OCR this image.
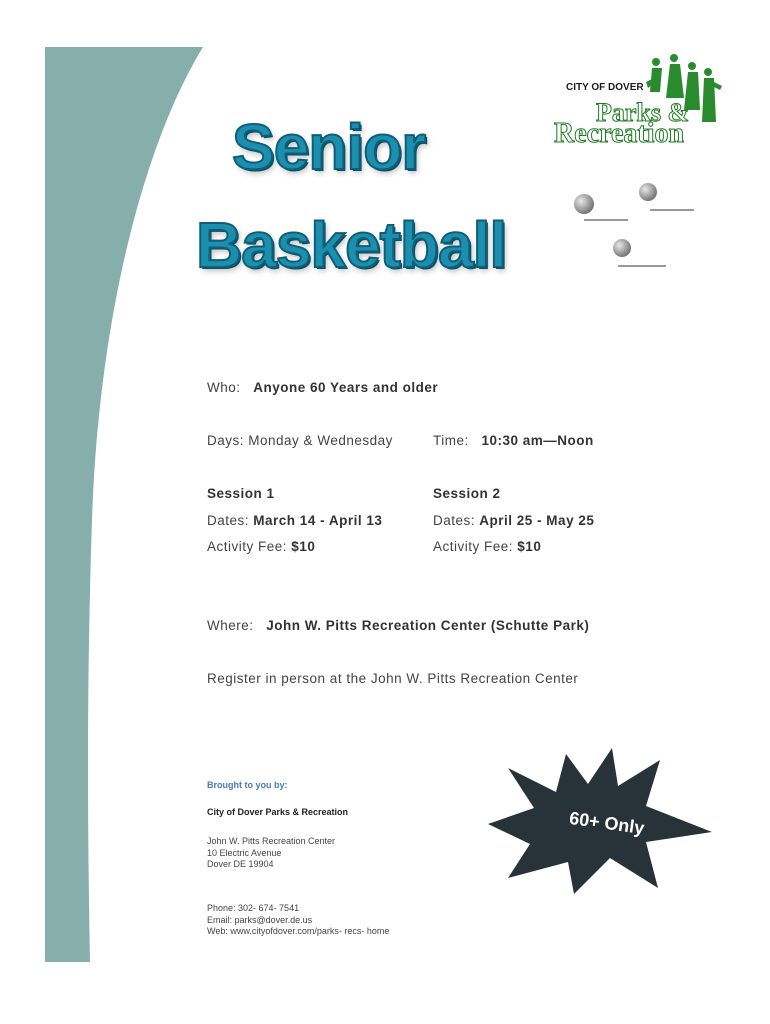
Senior
Basketball
CITY OF DOVER
Parks &
Recreation
Who: Anyone 60 Years and older
Days: Monday & Wednesday	Time: 10:30 am—Noon
Session 1
Dates: March 14 - April 13
Activity Fee: $10
Session 2
Dates: April 25 - May 25
Activity Fee: $10
Where: John W. Pitts Recreation Center (Schutte Park)
Register in person at the John W. Pitts Recreation Center
Brought to you by:
City of Dover Parks & Recreation
John W. Pitts Recreation Center
10 Electric Avenue
Dover DE 19904
Phone: 302- 674- 7541
Email: parks@dover.de.us
Web: www.cityofdover.com/parks- recs- home
60+ Only
